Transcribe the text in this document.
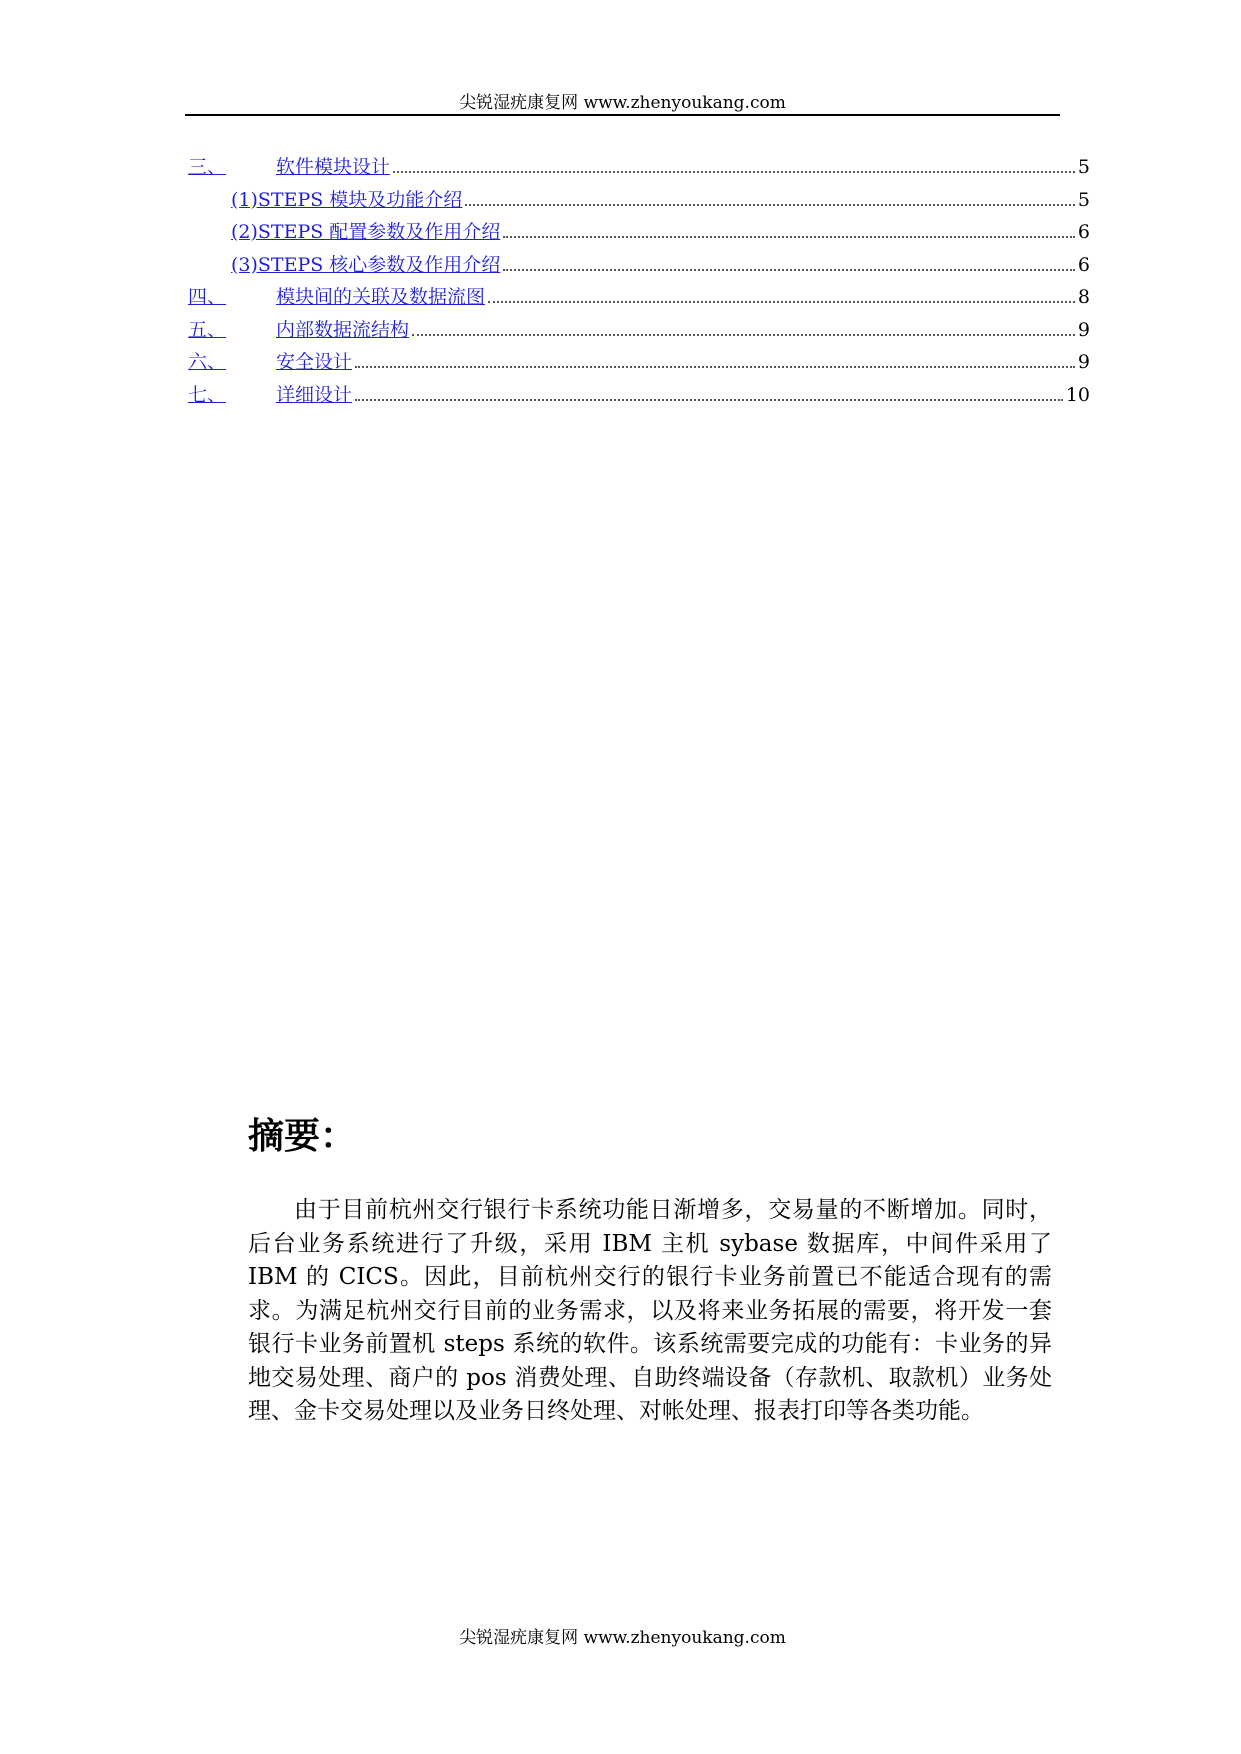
尖锐湿疣康复网 www.zhenyoukang.com
三、	软件模块设计	5
(1)STEPS 模块及功能介绍	5
(2)STEPS 配置参数及作用介绍	6
(3)STEPS 核心参数及作用介绍	6
四、	模块间的关联及数据流图	8
五、	内部数据流结构	9
六、	安全设计	9
七、	详细设计	10
摘要：

由于目前杭州交行银行卡系统功能日渐增多，交易量的不断增加。同时，后台业务系统进行了升级，采用 IBM 主机 sybase 数据库，中间件采用了 IBM 的 CICS。因此，目前杭州交行的银行卡业务前置已不能适合现有的需求。为满足杭州交行目前的业务需求，以及将来业务拓展的需要，将开发一套银行卡业务前置机 steps 系统的软件。该系统需要完成的功能有：卡业务的异地交易处理、商户的 pos 消费处理、自助终端设备（存款机、取款机）业务处理、金卡交易处理以及业务日终处理、对帐处理、报表打印等各类功能。

尖锐湿疣康复网 www.zhenyoukang.com
